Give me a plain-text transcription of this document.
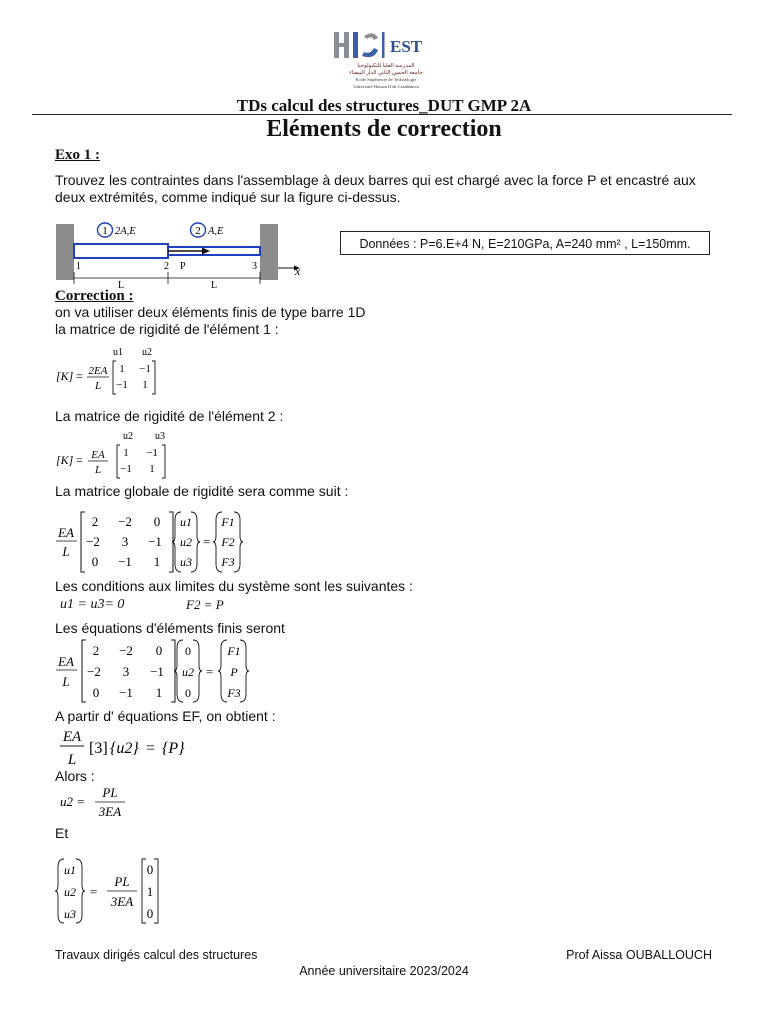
EST
المدرسة العليا للتكنولوجيا
جامعة الحسن الثاني الدار البيضاء
Ecole Supérieure de Technologie
Université Hassan II de Casablanca
TDs calcul des structures_DUT GMP 2A
Eléments de correction
Exo 1 :
Trouvez les contraintes dans l'assemblage à deux barres qui est chargé avec la force P et encastré aux deux extrémités, comme indiqué sur la figure ci-dessus.
x
1 2A,E	2 A,E
1	2 P	3
L	L
Données : P=6.E+4 N, E=210GPa, A=240 mm² , L=150mm.
Correction :
on va utiliser deux éléments finis de type barre 1D
la matrice de rigidité de l'élément 1 :
u1 u2
[K] = 2EA
L
1 −1
−1 1
La matrice de rigidité de l'élément 2 :
u2 u3
[K] = EA
L
1 −1
−1 1
La matrice globale de rigidité sera comme suit :
EA
L
2 −2 0
−2 3 −1
0 −1 1
u1
u2
u3
=
F1
F2
F3
Les conditions aux limites du système sont les suivantes :
u1 = u3= 0	F2 = P
Les équations d'éléments finis seront
EA
L
2 −2 0
−2 3 −1
0 −1 1
0
u2
0
=
F1
P
F3
A partir d' équations EF, on obtient :
EA
L
[3] {u2} = {P}
Alors :
u2 =
PL
3EA
Et
u1
u2
u3
=
PL
3EA
0
1
0
Travaux dirigés calcul des structures	Prof Aissa OUBALLOUCH
Année universitaire 2023/2024
